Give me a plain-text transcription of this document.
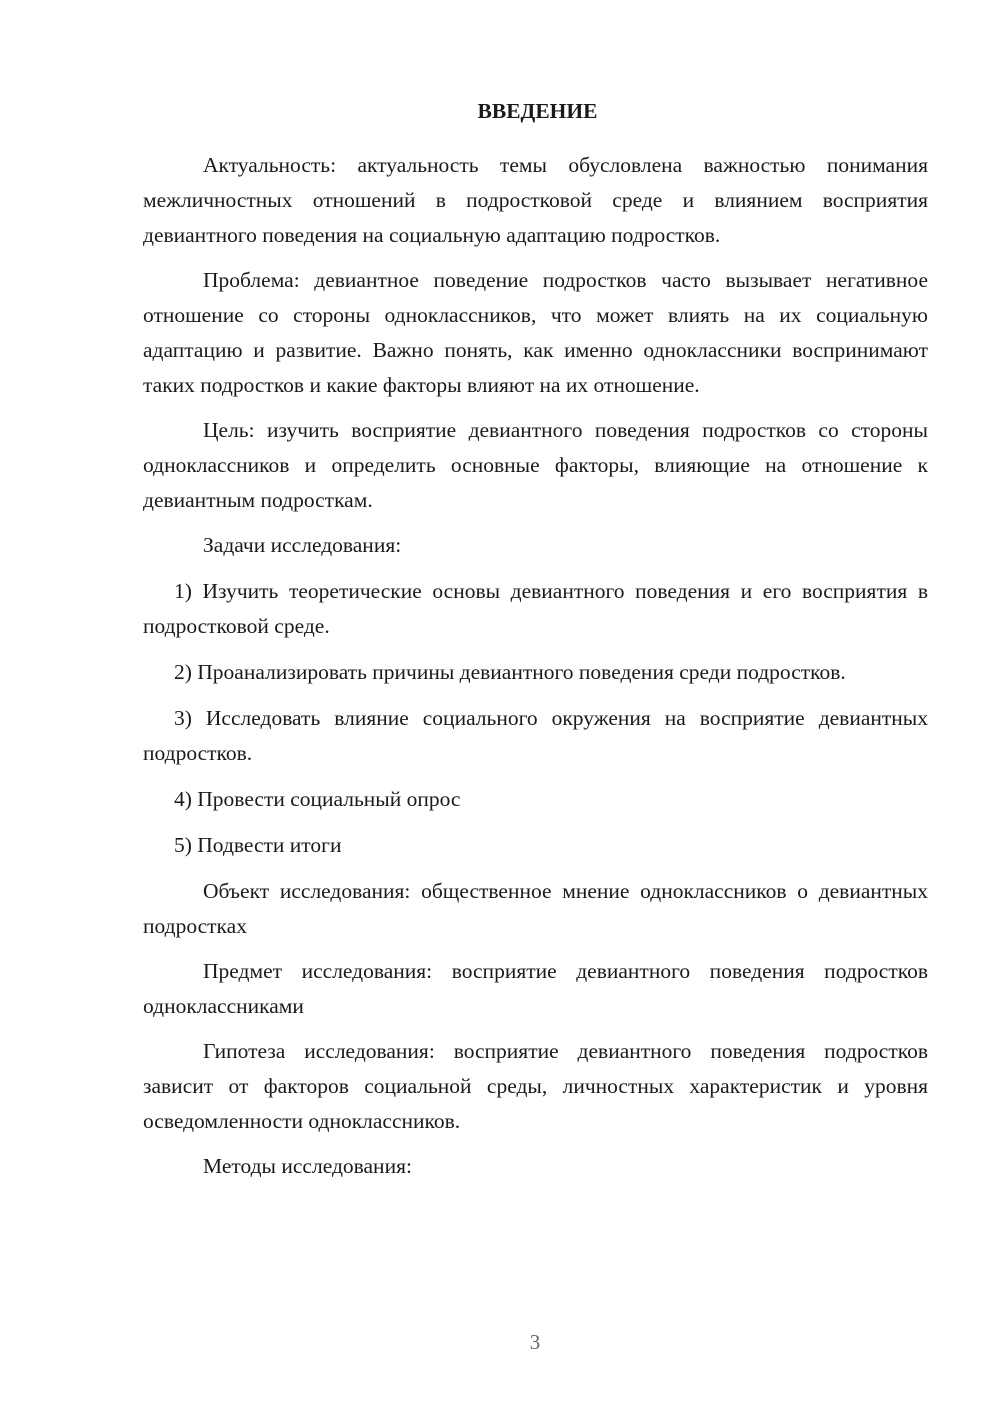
ВВЕДЕНИЕ

Актуальность: актуальность темы обусловлена важностью понимания межличностных отношений в подростковой среде и влиянием восприятия девиантного поведения на социальную адаптацию подростков.

Проблема: девиантное поведение подростков часто вызывает негативное отношение со стороны одноклассников, что может влиять на их социальную адаптацию и развитие. Важно понять, как именно одноклассники воспринимают таких подростков и какие факторы влияют на их отношение.

Цель: изучить восприятие девиантного поведения подростков со стороны одноклассников и определить основные факторы, влияющие на отношение к девиантным подросткам.

Задачи исследования:

1) Изучить теоретические основы девиантного поведения и его восприятия в подростковой среде.

2) Проанализировать причины девиантного поведения среди подростков.

3) Исследовать влияние социального окружения на восприятие девиантных подростков.

4) Провести социальный опрос

5) Подвести итоги

Объект исследования: общественное мнение одноклассников о девиантных подростках

Предмет исследования: восприятие девиантного поведения подростков одноклассниками

Гипотеза исследования: восприятие девиантного поведения подростков зависит от факторов социальной среды, личностных характеристик и уровня осведомленности одноклассников.

Методы исследования:

3
